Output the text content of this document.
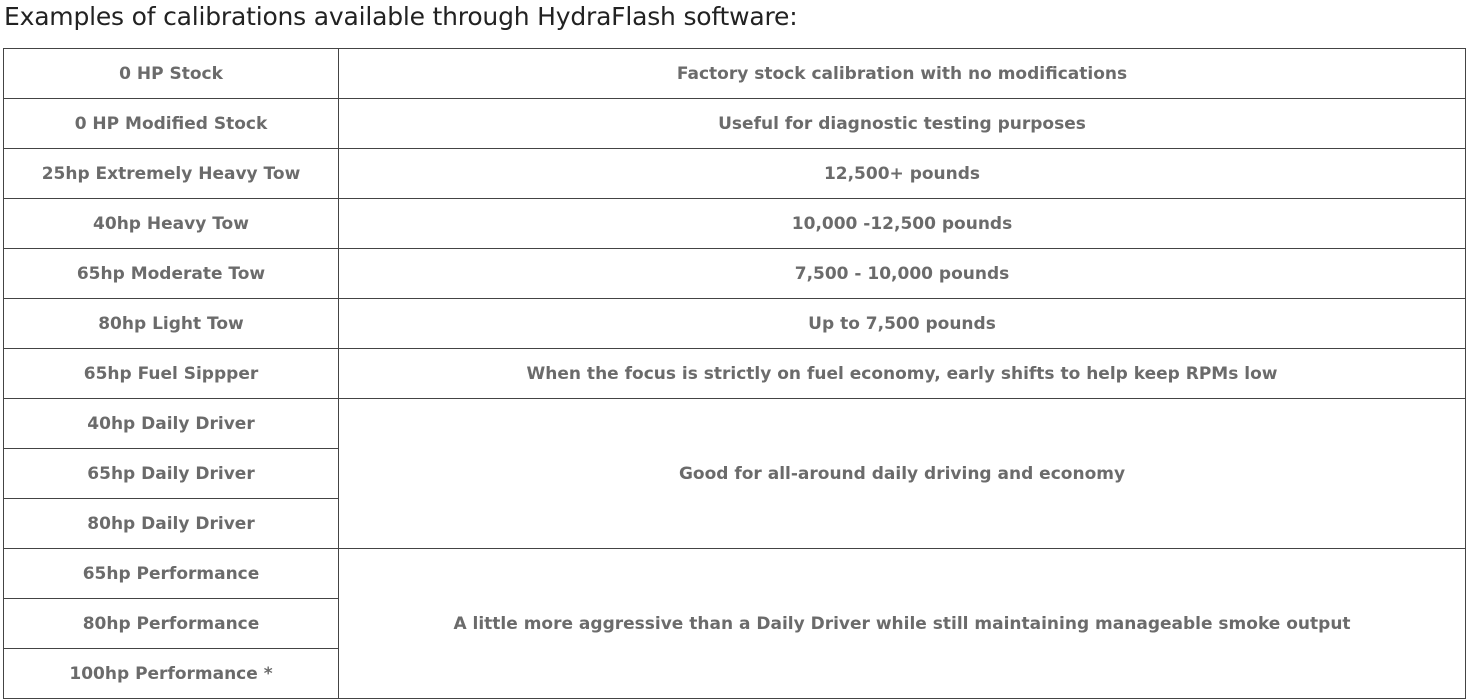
Examples of calibrations available through HydraFlash software:
0 HP Stock	Factory stock calibration with no modifications
0 HP Modified Stock	Useful for diagnostic testing purposes
25hp Extremely Heavy Tow	12,500+ pounds
40hp Heavy Tow	10,000 -12,500 pounds
65hp Moderate Tow	7,500 - 10,000 pounds
80hp Light Tow	Up to 7,500 pounds
65hp Fuel Sippper	When the focus is strictly on fuel economy, early shifts to help keep RPMs low
40hp Daily Driver	Good for all-around daily driving and economy
65hp Daily Driver	
80hp Daily Driver	
65hp Performance	A little more aggressive than a Daily Driver while still maintaining manageable smoke output
80hp Performance	
100hp Performance *	
